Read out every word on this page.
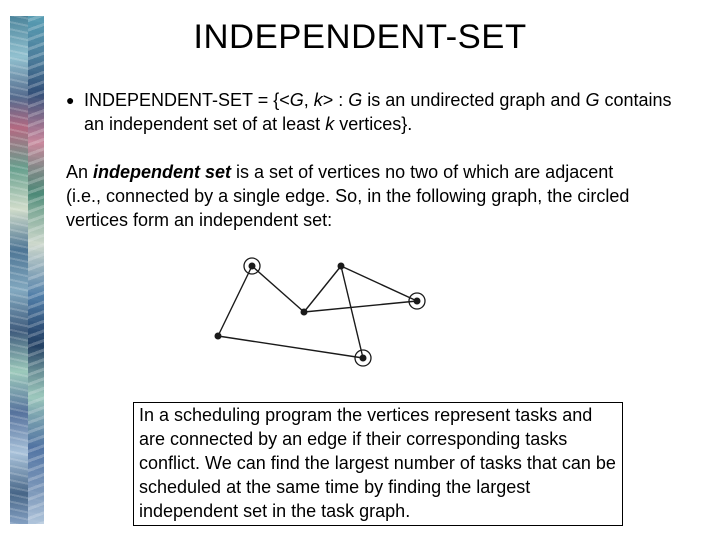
INDEPENDENT-SET
● INDEPENDENT-SET = {<G, k> : G is an undirected graph and G contains an independent set of at least k vertices}.
An independent set is a set of vertices no two of which are adjacent (i.e., connected by a single edge. So, in the following graph, the circled vertices form an independent set:
In a scheduling program the vertices represent tasks and are connected by an edge if their corresponding tasks conflict. We can find the largest number of tasks that can be scheduled at the same time by finding the largest independent set in the task graph.
